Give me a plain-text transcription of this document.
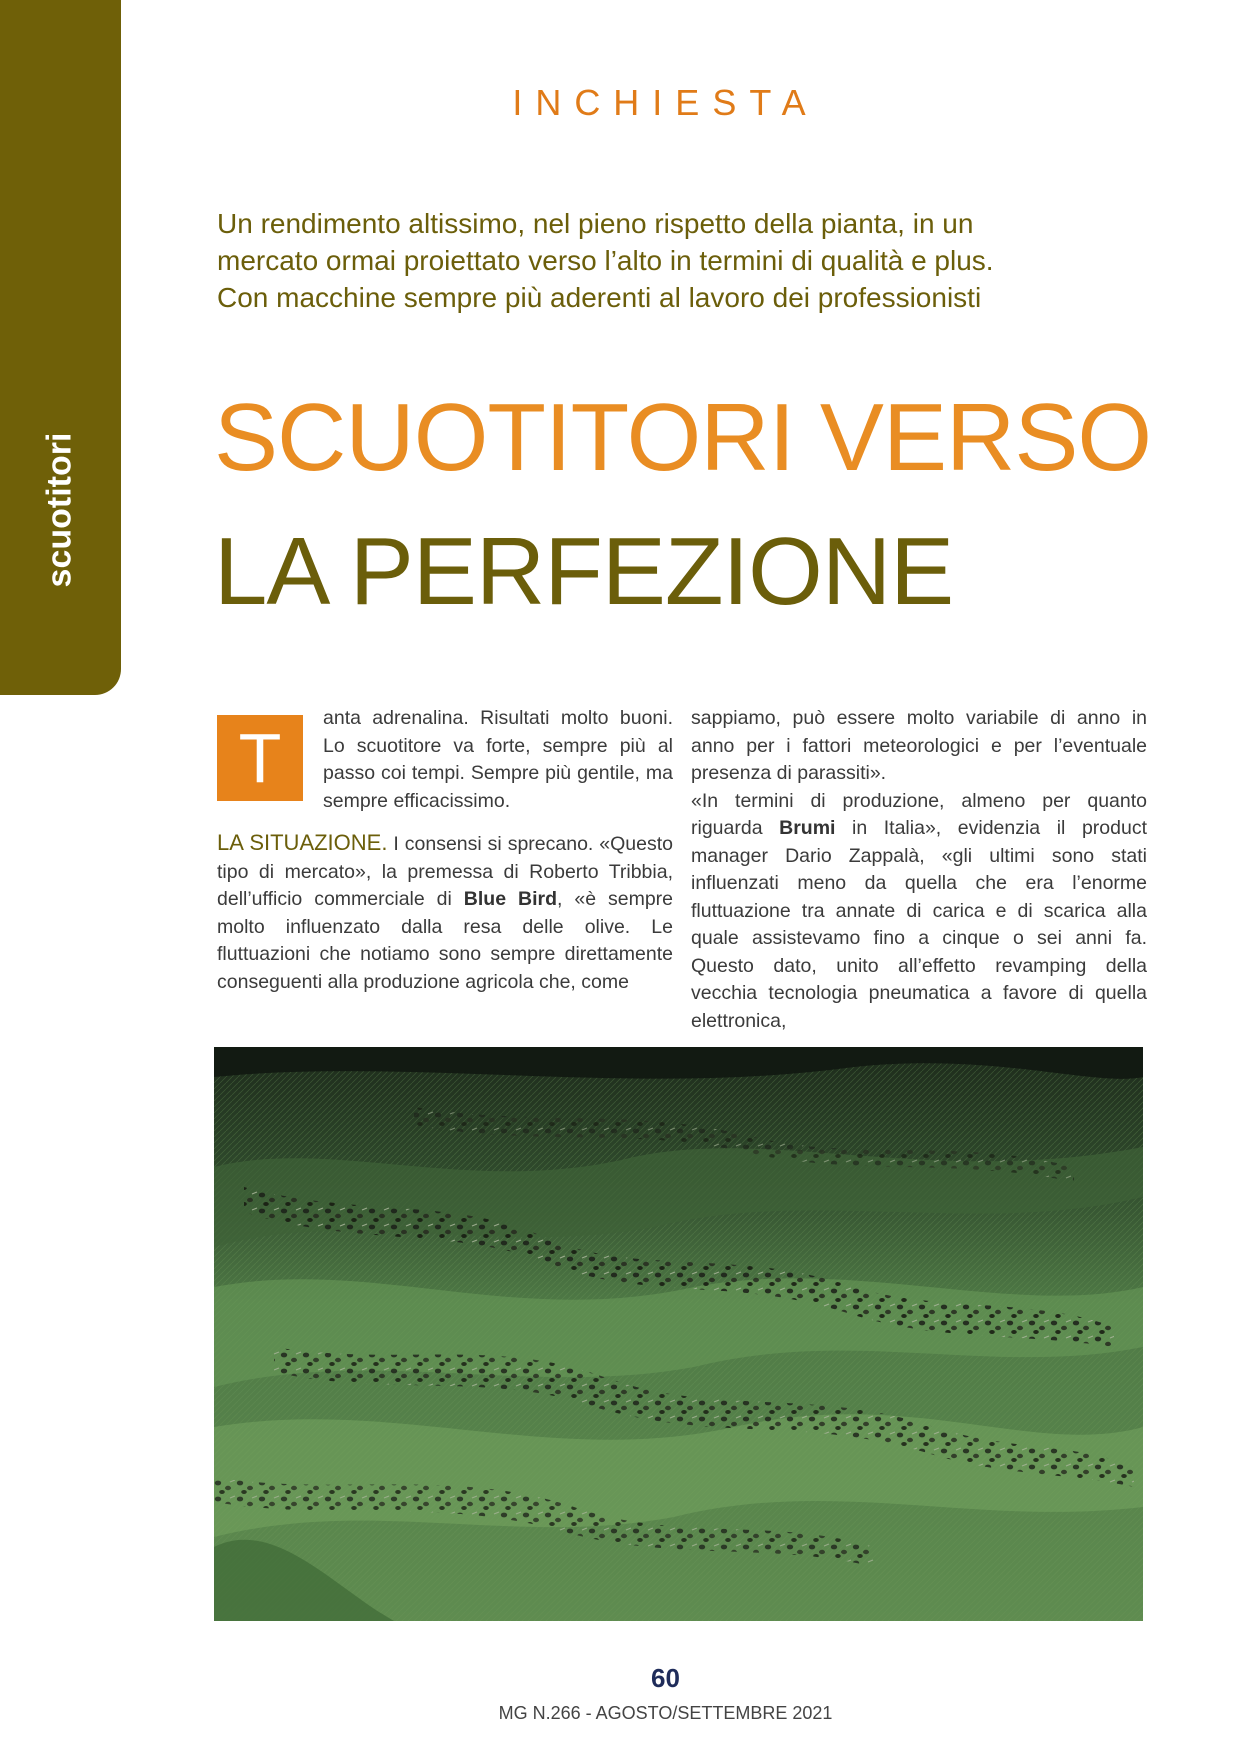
scuotitori
INCHIESTA
Un rendimento altissimo, nel pieno rispetto della pianta, in un
mercato ormai proiettato verso l’alto in termini di qualità e plus.
Con macchine sempre più aderenti al lavoro dei professionisti
SCUOTITORI VERSO
LA PERFEZIONE

T
anta adrenalina. Risultati molto buoni. Lo scuotitore va forte, sempre più al passo coi tempi. Sempre più gentile, ma sempre efficacissimo.

LA SITUAZIONE. I consensi si sprecano. «Questo tipo di mercato», la premessa di Roberto Tribbia, dell’ufficio commerciale di Blue Bird, «è sempre molto influenzato dalla resa delle olive. Le fluttuazioni che notiamo sono sempre direttamente conseguenti alla produzione agricola che, come

sappiamo, può essere molto variabile di anno in anno per i fattori meteorologici e per l’eventuale presenza di parassiti».

«In termini di produzione, almeno per quanto riguarda Brumi in Italia», evidenzia il product manager Dario Zappalà, «gli ultimi sono stati influenzati meno da quella che era l’enorme fluttuazione tra annate di carica e di scarica alla quale assistevamo fino a cinque o sei anni fa. Questo dato, unito all’effetto revamping della vecchia tecnologia pneumatica a favore di quella elettronica,

60
MG N.266 - AGOSTO/SETTEMBRE 2021
